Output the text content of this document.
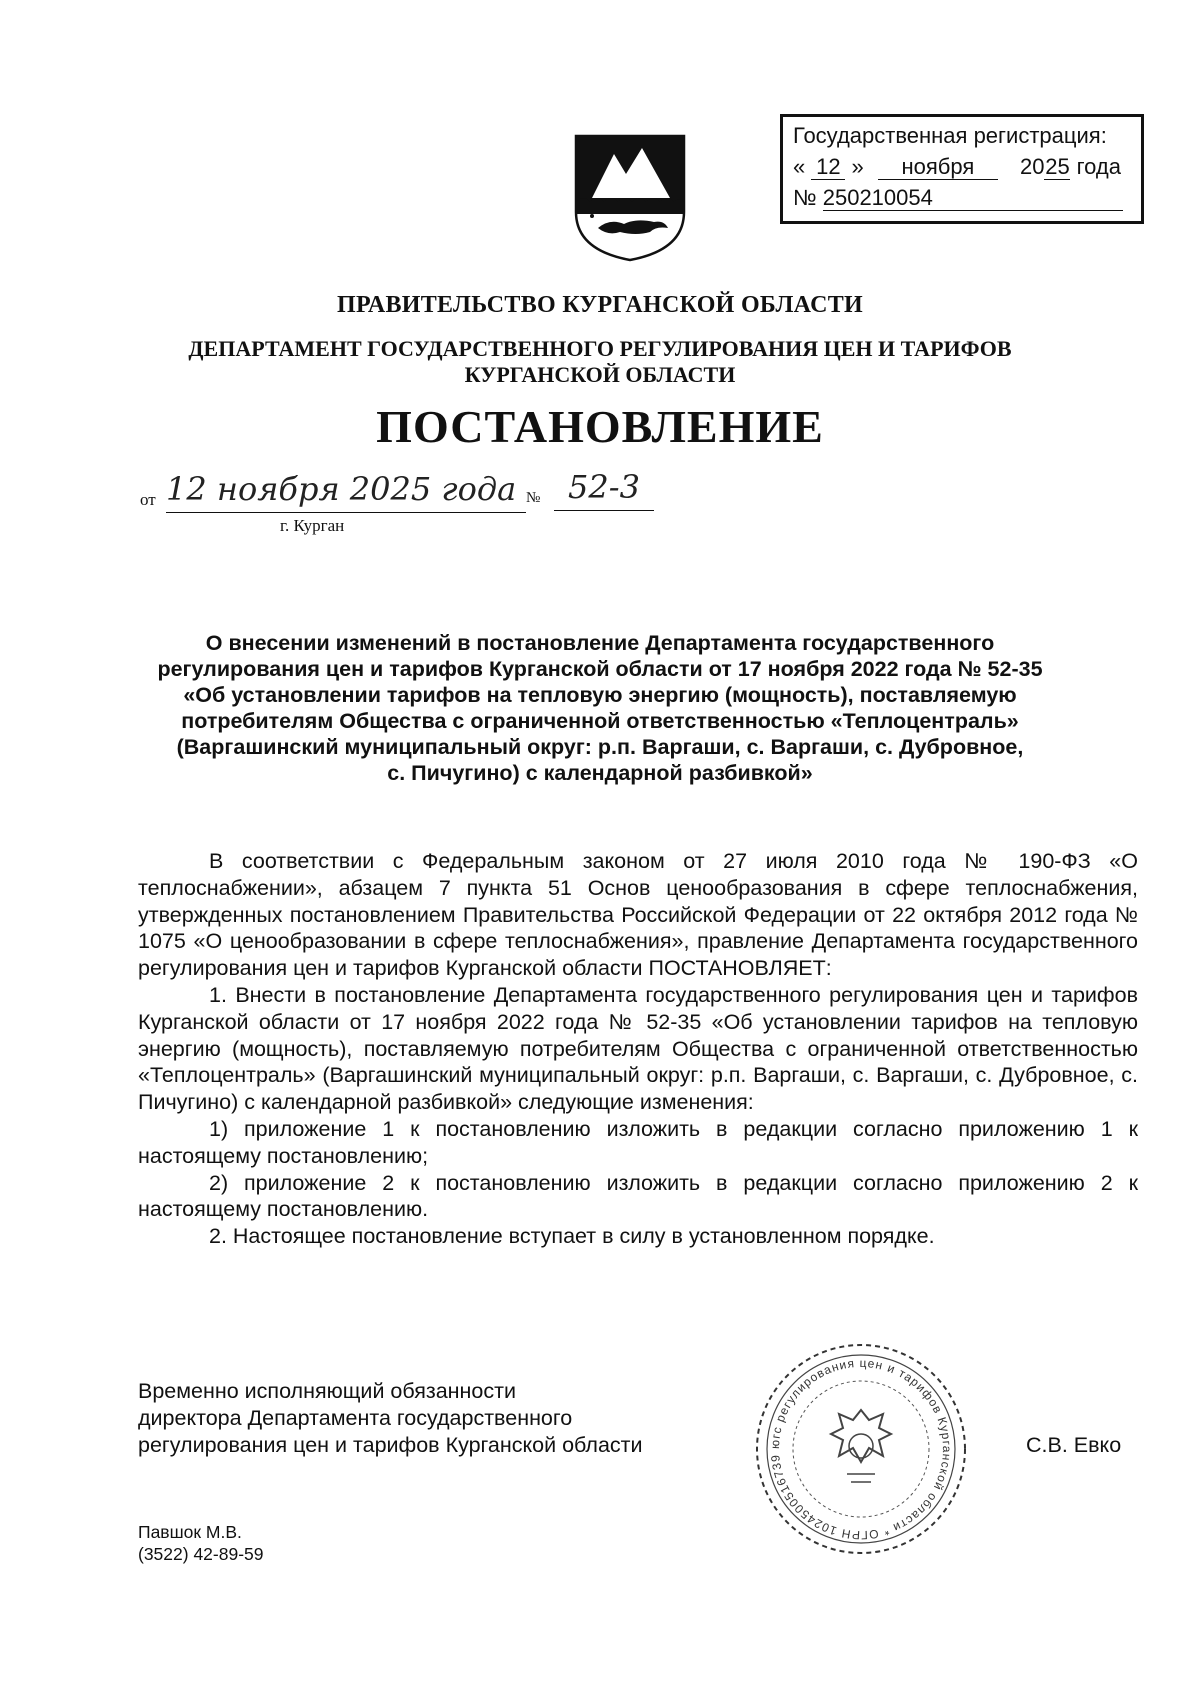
Государственная регистрация:
« 12 » ноября 2025 года
№ 250210054
ПРАВИТЕЛЬСТВО КУРГАНСКОЙ ОБЛАСТИ
ДЕПАРТАМЕНТ ГОСУДАРСТВЕННОГО РЕГУЛИРОВАНИЯ ЦЕН И ТАРИФОВ
КУРГАНСКОЙ ОБЛАСТИ
ПОСТАНОВЛЕНИЕ
от 12 ноября 2025 года № 52-3
г. Курган
О внесении изменений в постановление Департамента государственного
регулирования цен и тарифов Курганской области от 17 ноября 2022 года № 52-35
«Об установлении тарифов на тепловую энергию (мощность), поставляемую
потребителям Общества с ограниченной ответственностью «Теплоцентраль»
(Варгашинский муниципальный округ: р.п. Варгаши, с. Варгаши, с. Дубровное,
с. Пичугино) с календарной разбивкой»

В соответствии с Федеральным законом от 27 июля 2010 года № 190-ФЗ «О теплоснабжении», абзацем 7 пункта 51 Основ ценообразования в сфере теплоснабжения, утвержденных постановлением Правительства Российской Федерации от 22 октября 2012 года № 1075 «О ценообразовании в сфере теплоснабжения», правление Департамента государственного регулирования цен и тарифов Курганской области ПОСТАНОВЛЯЕТ:

1. Внести в постановление Департамента государственного регулирования цен и тарифов Курганской области от 17 ноября 2022 года № 52-35 «Об установлении тарифов на тепловую энергию (мощность), поставляемую потребителям Общества с ограниченной ответственностью «Теплоцентраль» (Варгашинский муниципальный округ: р.п. Варгаши, с. Варгаши, с. Дубровное, с. Пичугино) с календарной разбивкой» следующие изменения:

1) приложение 1 к постановлению изложить в редакции согласно приложению 1 к настоящему постановлению;

2) приложение 2 к постановлению изложить в редакции согласно приложению 2 к настоящему постановлению.

2. Настоящее постановление вступает в силу в установленном порядке.

Временно исполняющий обязанности
директора Департамента государственного
регулирования цен и тарифов Курганской области	югс регулирования цен и тарифов Курганской области * ОГРН 1024500516739
С.В. Евко
Павшок М.В.
(3522) 42-89-59
